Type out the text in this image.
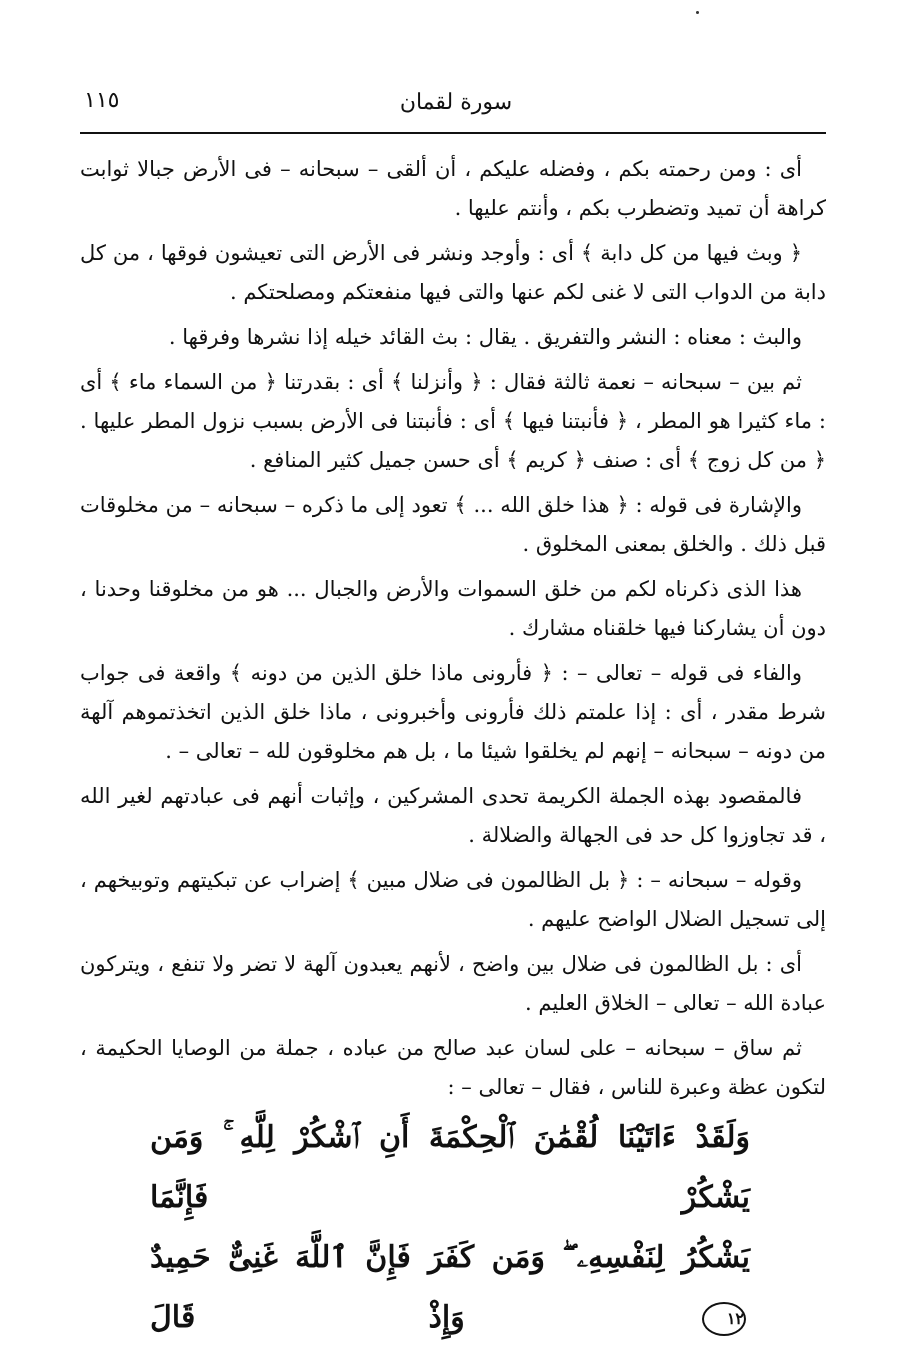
سورة لقمان
١١٥

أى : ومن رحمته بكم ، وفضله عليكم ، أن ألقى – سبحانه – فى الأرض جبالا ثوابت كراهة أن تميد وتضطرب بكم ، وأنتم عليها .

﴿ وبث فيها من كل دابة ﴾ أى : وأوجد ونشر فى الأرض التى تعيشون فوقها ، من كل دابة من الدواب التى لا غنى لكم عنها والتى فيها منفعتكم ومصلحتكم .

والبث : معناه : النشر والتفريق . يقال : بث القائد خيله إذا نشرها وفرقها .

ثم بين – سبحانه – نعمة ثالثة فقال : ﴿ وأنزلنا ﴾ أى : بقدرتنا ﴿ من السماء ماء ﴾ أى : ماء كثيرا هو المطر ، ﴿ فأنبتنا فيها ﴾ أى : فأنبتنا فى الأرض بسبب نزول المطر عليها . ﴿ من كل زوج ﴾ أى : صنف ﴿ كريم ﴾ أى حسن جميل كثير المنافع .

والإشارة فى قوله : ﴿ هذا خلق الله ... ﴾ تعود إلى ما ذكره – سبحانه – من مخلوقات قبل ذلك . والخلق بمعنى المخلوق .

هذا الذى ذكرناه لكم من خلق السموات والأرض والجبال ... هو من مخلوقنا وحدنا ، دون أن يشاركنا فيها خلقناه مشارك .

والفاء فى قوله – تعالى – : ﴿ فأرونى ماذا خلق الذين من دونه ﴾ واقعة فى جواب شرط مقدر ، أى : إذا علمتم ذلك فأرونى وأخبرونى ، ماذا خلق الذين اتخذتموهم آلهة من دونه – سبحانه – إنهم لم يخلقوا شيئا ما ، بل هم مخلوقون لله – تعالى – .

فالمقصود بهذه الجملة الكريمة تحدى المشركين ، وإثبات أنهم فى عبادتهم لغير الله ، قد تجاوزوا كل حد فى الجهالة والضلالة .

وقوله – سبحانه – : ﴿ بل الظالمون فى ضلال مبين ﴾ إضراب عن تبكيتهم وتوبيخهم ، إلى تسجيل الضلال الواضح عليهم .

أى : بل الظالمون فى ضلال بين واضح ، لأنهم يعبدون آلهة لا تضر ولا تنفع ، ويتركون عبادة الله – تعالى – الخلاق العليم .

ثم ساق – سبحانه – على لسان عبد صالح من عباده ، جملة من الوصايا الحكيمة ، لتكون عظة وعبرة للناس ، فقال – تعالى – :

وَلَقَدْ ءَاتَيْنَا لُقْمَٰنَ ٱلْحِكْمَةَ أَنِ ٱشْكُرْ لِلَّهِ ۚ وَمَن يَشْكُرْ فَإِنَّمَا
يَشْكُرُ لِنَفْسِهِۦ ۖ وَمَن كَفَرَ فَإِنَّ ٱللَّهَ غَنِىٌّ حَمِيدٌ ١٢ وَإِذْ قَالَ
